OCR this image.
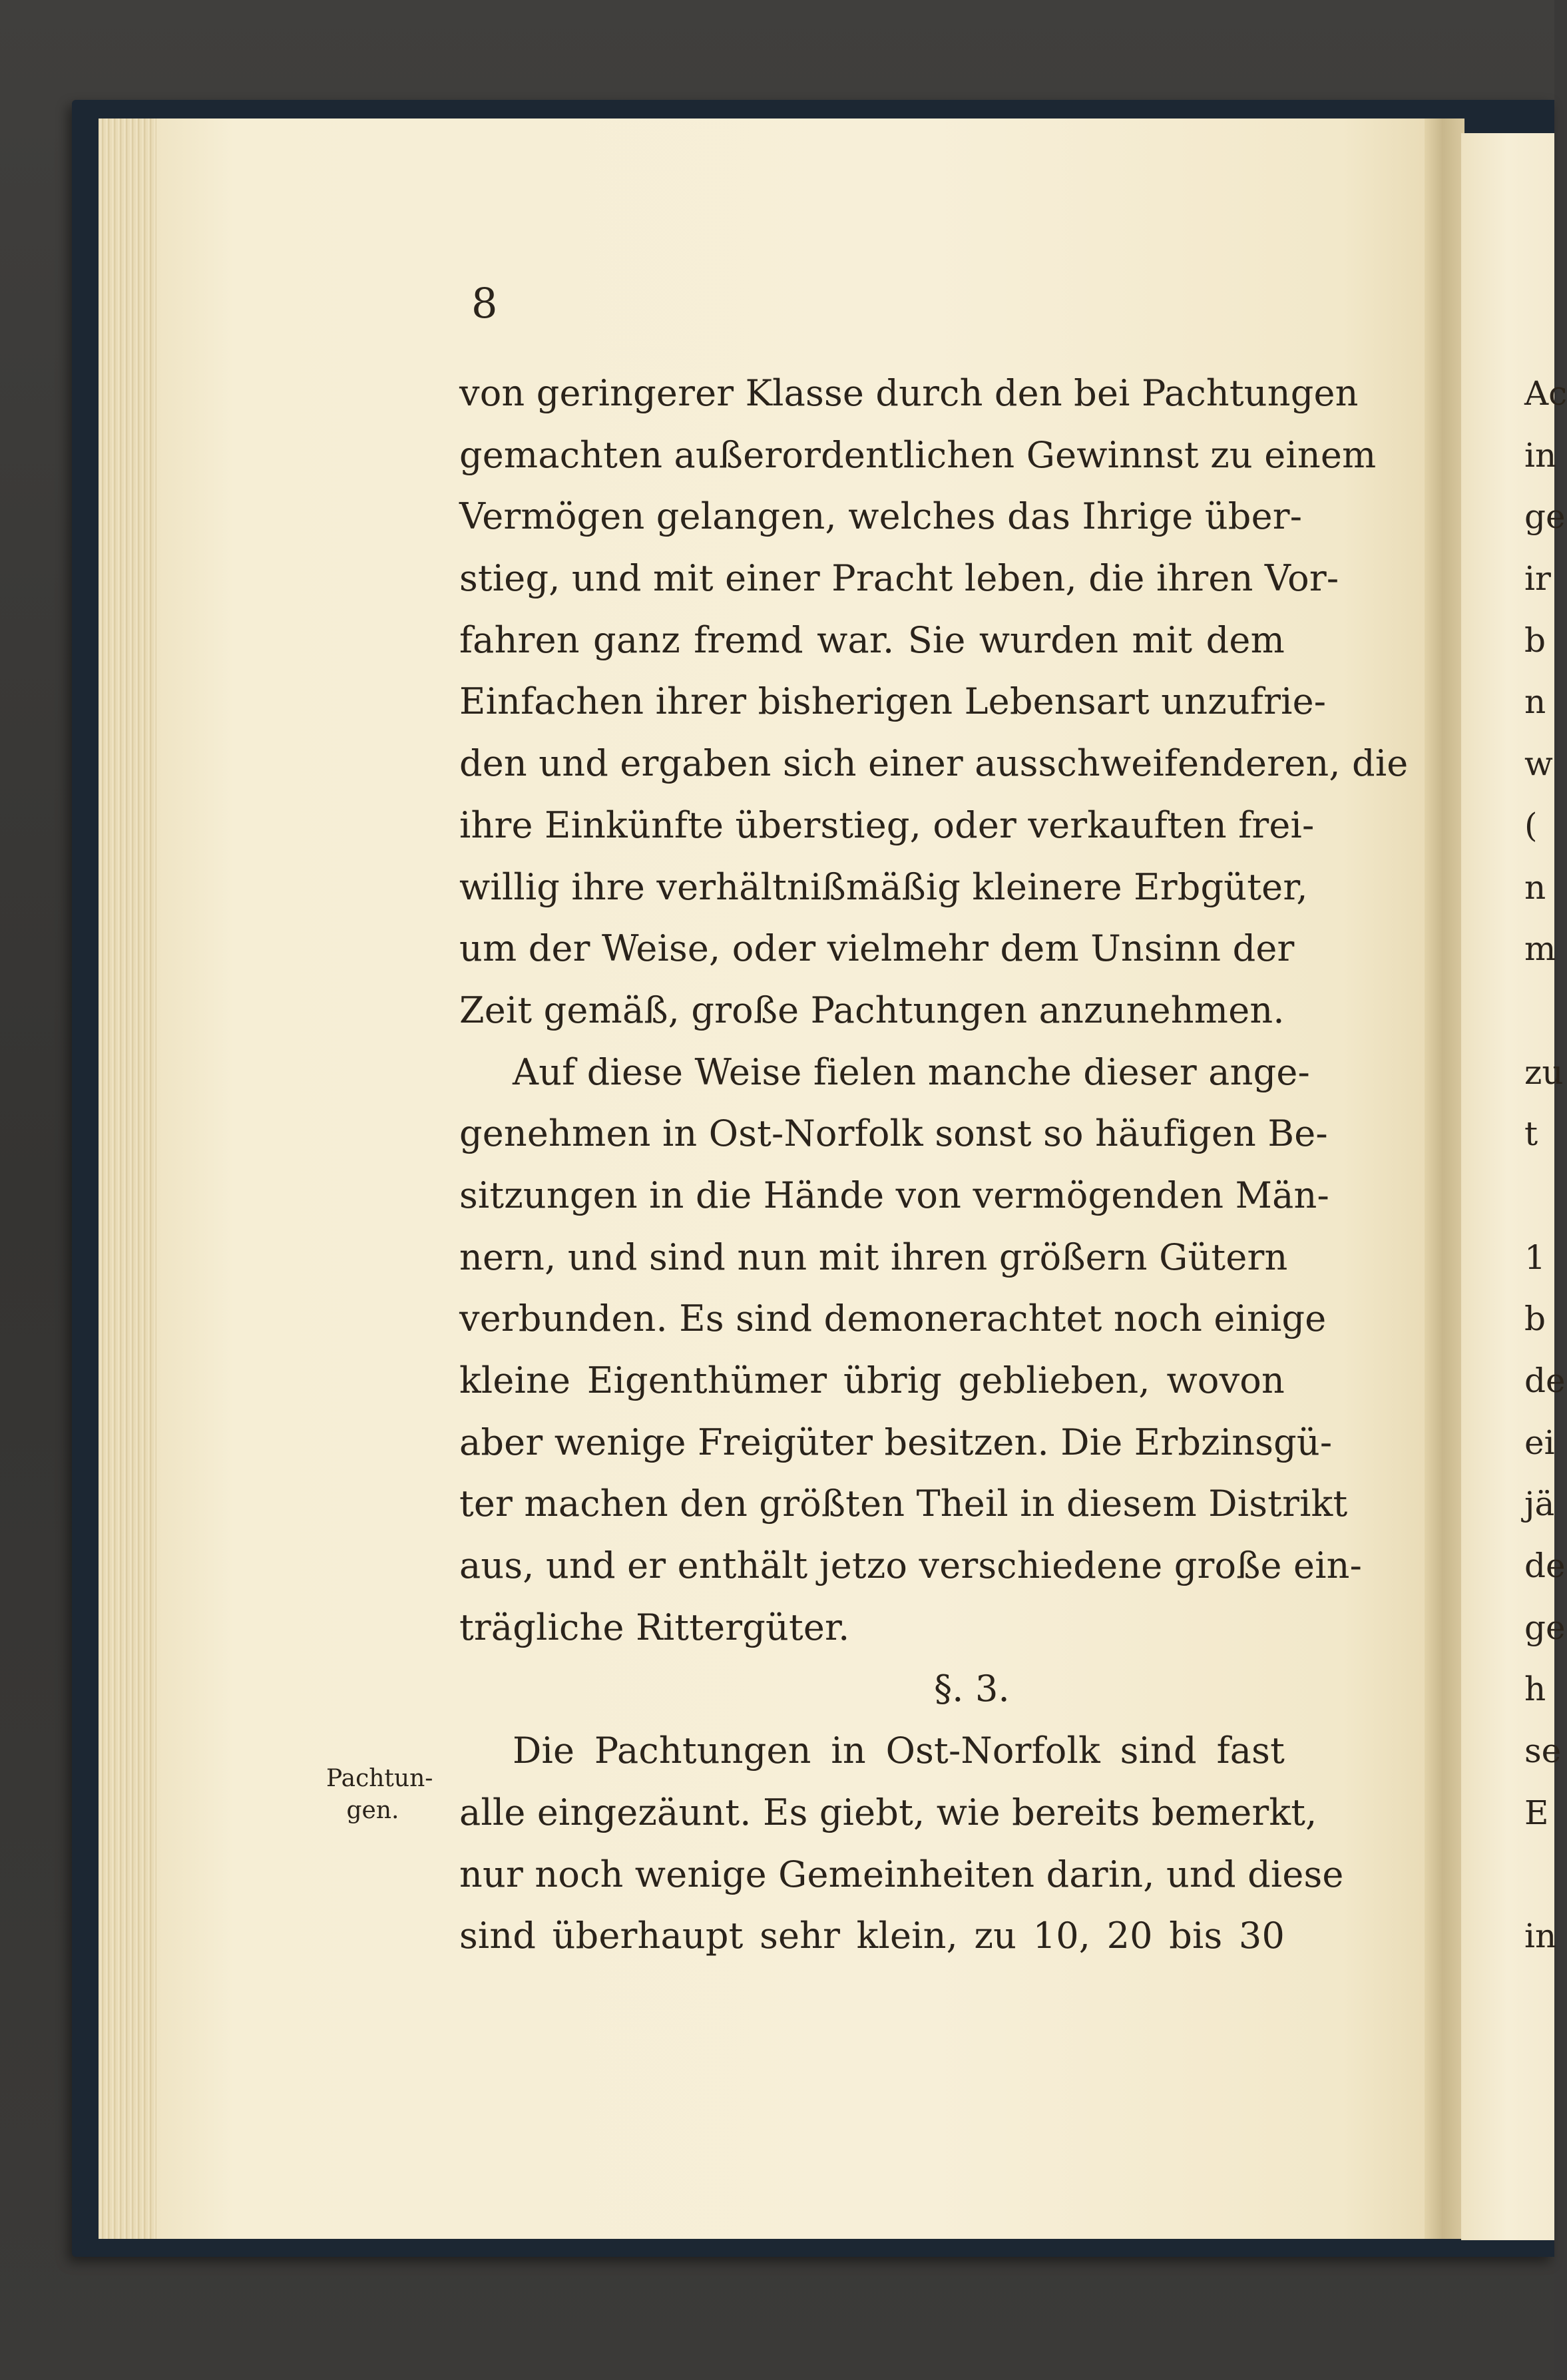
8
von geringerer Klasse durch den bei Pachtungen
gemachten außerordentlichen Gewinnst zu einem
Vermögen gelangen, welches das Ihrige über-
stieg, und mit einer Pracht leben, die ihren Vor-
fahren ganz fremd war. Sie wurden mit dem
Einfachen ihrer bisherigen Lebensart unzufrie-
den und ergaben sich einer ausschweifenderen, die
ihre Einkünfte überstieg, oder verkauften frei-
willig ihre verhältnißmäßig kleinere Erbgüter,
um der Weise, oder vielmehr dem Unsinn der
Zeit gemäß, große Pachtungen anzunehmen.
Auf diese Weise fielen manche dieser ange-
genehmen in Ost-Norfolk sonst so häufigen Be-
sitzungen in die Hände von vermögenden Män-
nern, und sind nun mit ihren größern Gütern
verbunden. Es sind demonerachtet noch einige
kleine Eigenthümer übrig geblieben, wovon
aber wenige Freigüter besitzen. Die Erbzinsgü-
ter machen den größten Theil in diesem Distrikt
aus, und er enthält jetzo verschiedene große ein-
trägliche Rittergüter.
§. 3.
Die Pachtungen in Ost-Norfolk sind fast
alle eingezäunt. Es giebt, wie bereits bemerkt,
nur noch wenige Gemeinheiten darin, und diese
sind überhaupt sehr klein, zu 10, 20 bis 30
Pachtun-
gen.
Ac
in
ge
ir
b
n
w
(
n
m
zu
t
1
b
de
ei
jä
de
ge
h
se
E
in
